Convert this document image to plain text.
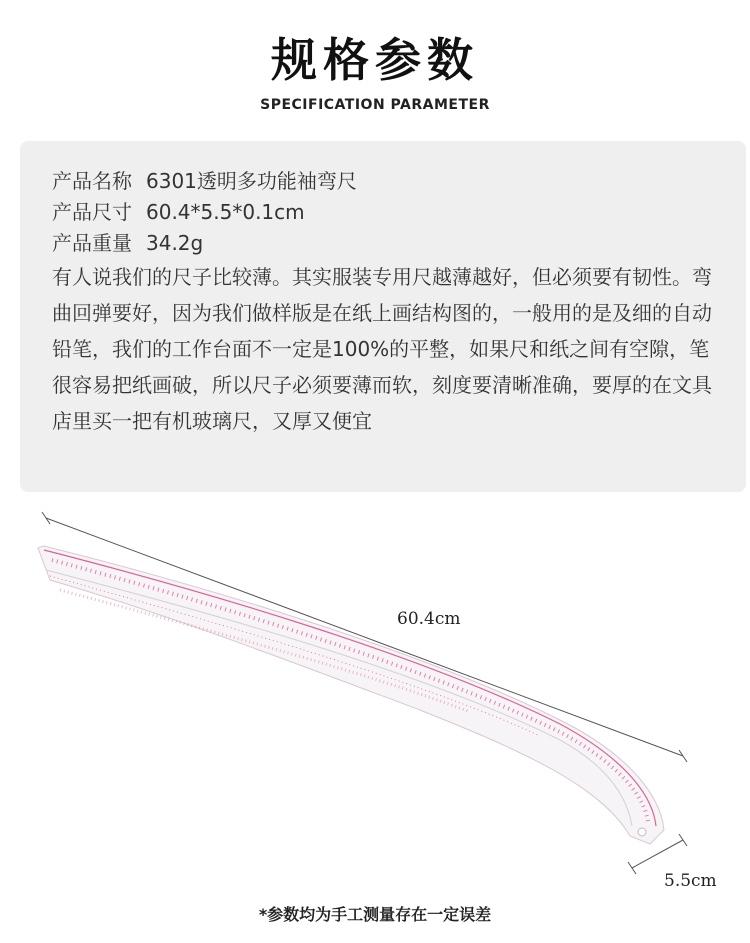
规格参数
SPECIFICATION PARAMETER
产品名称 6301透明多功能袖弯尺
产品尺寸 60.4*5.5*0.1cm
产品重量 34.2g
有人说我们的尺子比较薄。其实服装专用尺越薄越好，但必须要有韧性。弯曲回弹要好，因为我们做样版是在纸上画结构图的，一般用的是及细的自动铅笔，我们的工作台面不一定是100%的平整，如果尺和纸之间有空隙，笔很容易把纸画破，所以尺子必须要薄而软，刻度要清晰准确，要厚的在文具店里买一把有机玻璃尺，又厚又便宜
60.4cm
5.5cm
*参数均为手工测量存在一定误差
